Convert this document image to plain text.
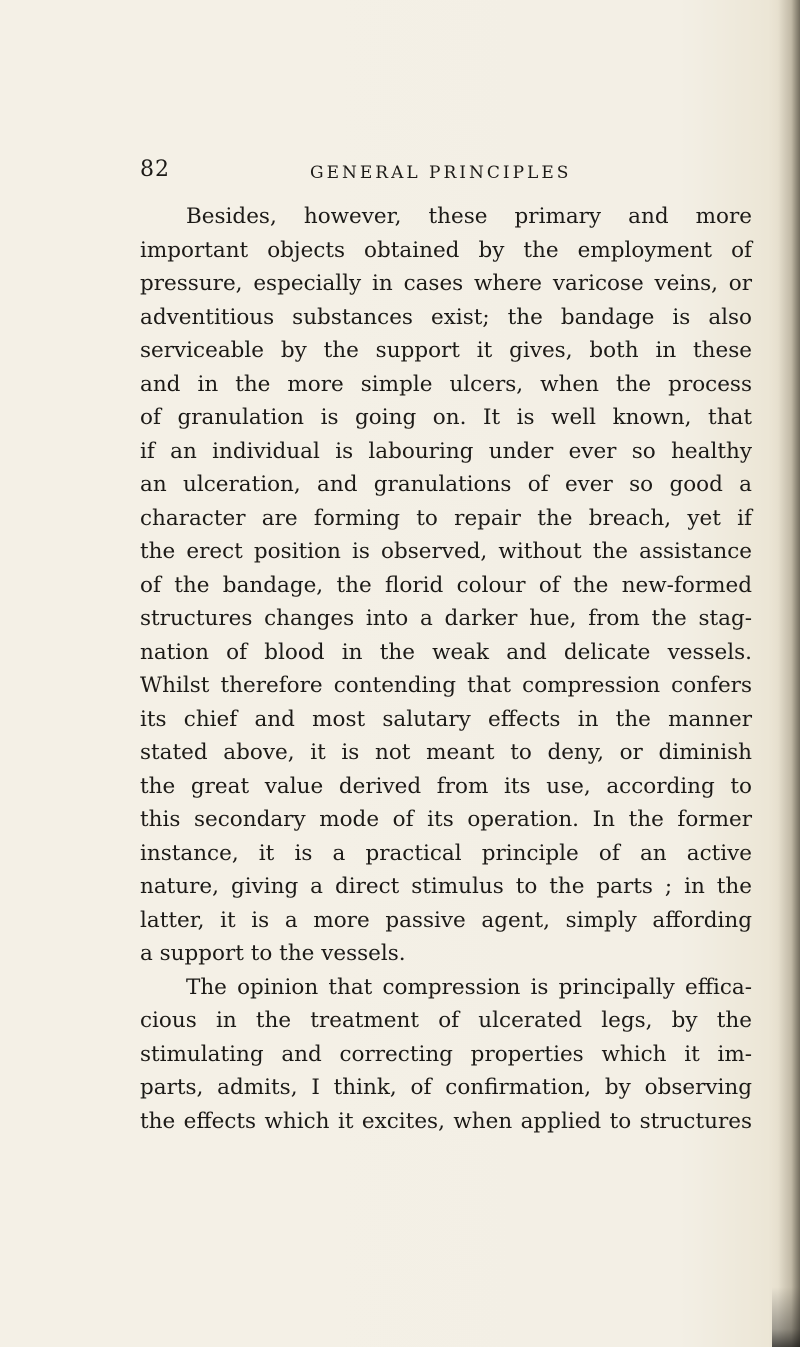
82	GENERAL PRINCIPLES
Besides, however, these primary and more
important objects obtained by the employment of
pressure, especially in cases where varicose veins, or
adventitious substances exist; the bandage is also
serviceable by the support it gives, both in these
and in the more simple ulcers, when the process
of granulation is going on. It is well known, that
if an individual is labouring under ever so healthy
an ulceration, and granulations of ever so good a
character are forming to repair the breach, yet if
the erect position is observed, without the assistance
of the bandage, the florid colour of the new-formed
structures changes into a darker hue, from the stag-
nation of blood in the weak and delicate vessels.
Whilst therefore contending that compression confers
its chief and most salutary effects in the manner
stated above, it is not meant to deny, or diminish
the great value derived from its use, according to
this secondary mode of its operation. In the former
instance, it is a practical principle of an active
nature, giving a direct stimulus to the parts ; in the
latter, it is a more passive agent, simply affording
a support to the vessels.
The opinion that compression is principally effica-
cious in the treatment of ulcerated legs, by the
stimulating and correcting properties which it im-
parts, admits, I think, of confirmation, by observing
the effects which it excites, when applied to structures
